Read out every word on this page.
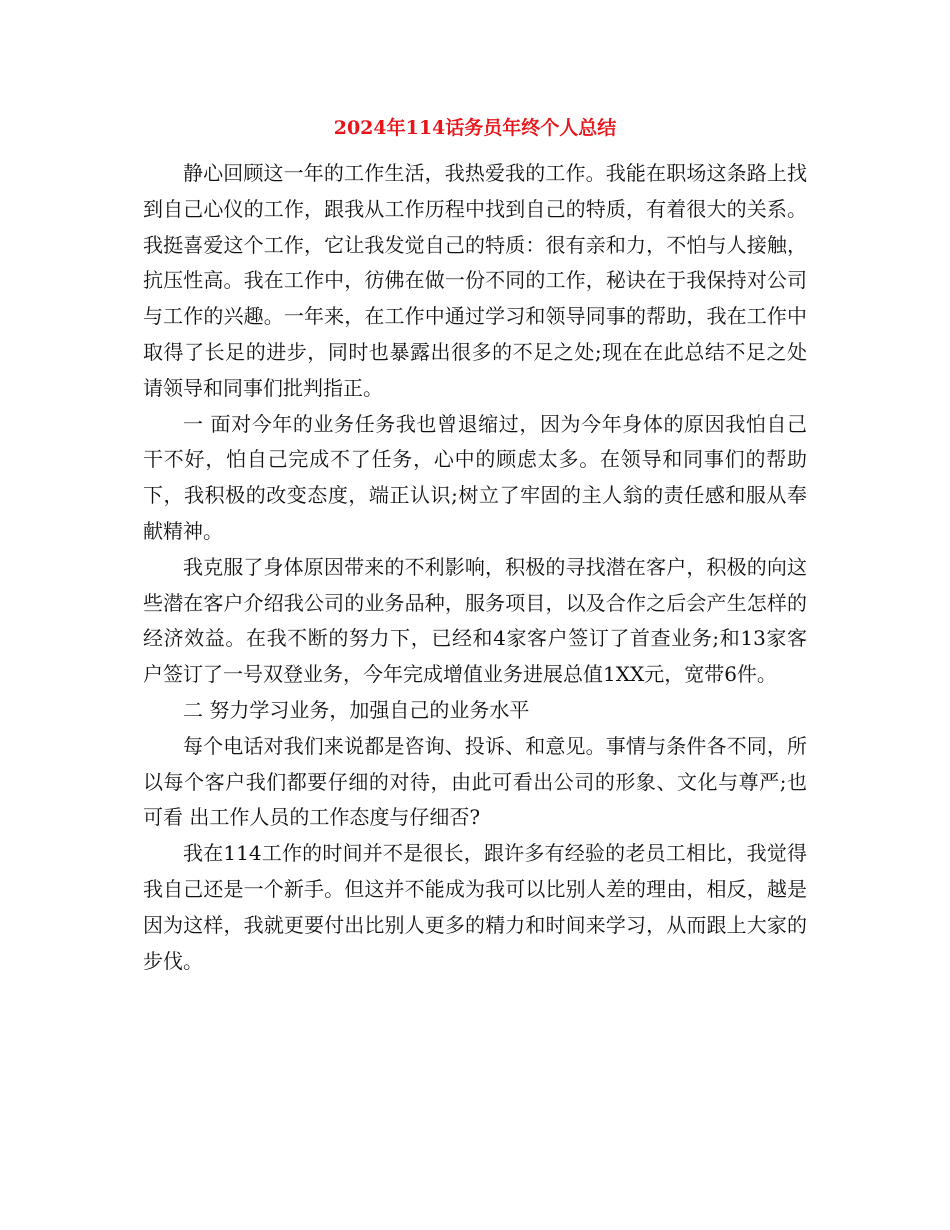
2024年114话务员年终个人总结

静心回顾这一年的工作生活，我热爱我的工作。我能在职场这条路上找到自己心仪的工作，跟我从工作历程中找到自己的特质，有着很大的关系。我挺喜爱这个工作，它让我发觉自己的特质：很有亲和力，不怕与人接触，抗压性高。我在工作中，彷佛在做一份不同的工作，秘诀在于我保持对公司与工作的兴趣。一年来，在工作中通过学习和领导同事的帮助，我在工作中取得了长足的进步，同时也暴露出很多的不足之处;现在在此总结不足之处请领导和同事们批判指正。

一 面对今年的业务任务我也曾退缩过，因为今年身体的原因我怕自己干不好，怕自己完成不了任务，心中的顾虑太多。在领导和同事们的帮助下，我积极的改变态度，端正认识;树立了牢固的主人翁的责任感和服从奉献精神。

我克服了身体原因带来的不利影响，积极的寻找潜在客户，积极的向这些潜在客户介绍我公司的业务品种，服务项目，以及合作之后会产生怎样的经济效益。在我不断的努力下，已经和4家客户签订了首查业务;和13家客户签订了一号双登业务，今年完成增值业务进展总值1XX元，宽带6件。

二 努力学习业务，加强自己的业务水平

每个电话对我们来说都是咨询、投诉、和意见。事情与条件各不同，所以每个客户我们都要仔细的对待，由此可看出公司的形象、文化与尊严;也可看 出工作人员的工作态度与仔细否?

我在114工作的时间并不是很长，跟许多有经验的老员工相比，我觉得我自己还是一个新手。但这并不能成为我可以比别人差的理由，相反，越是因为这样，我就更要付出比别人更多的精力和时间来学习，从而跟上大家的步伐。
